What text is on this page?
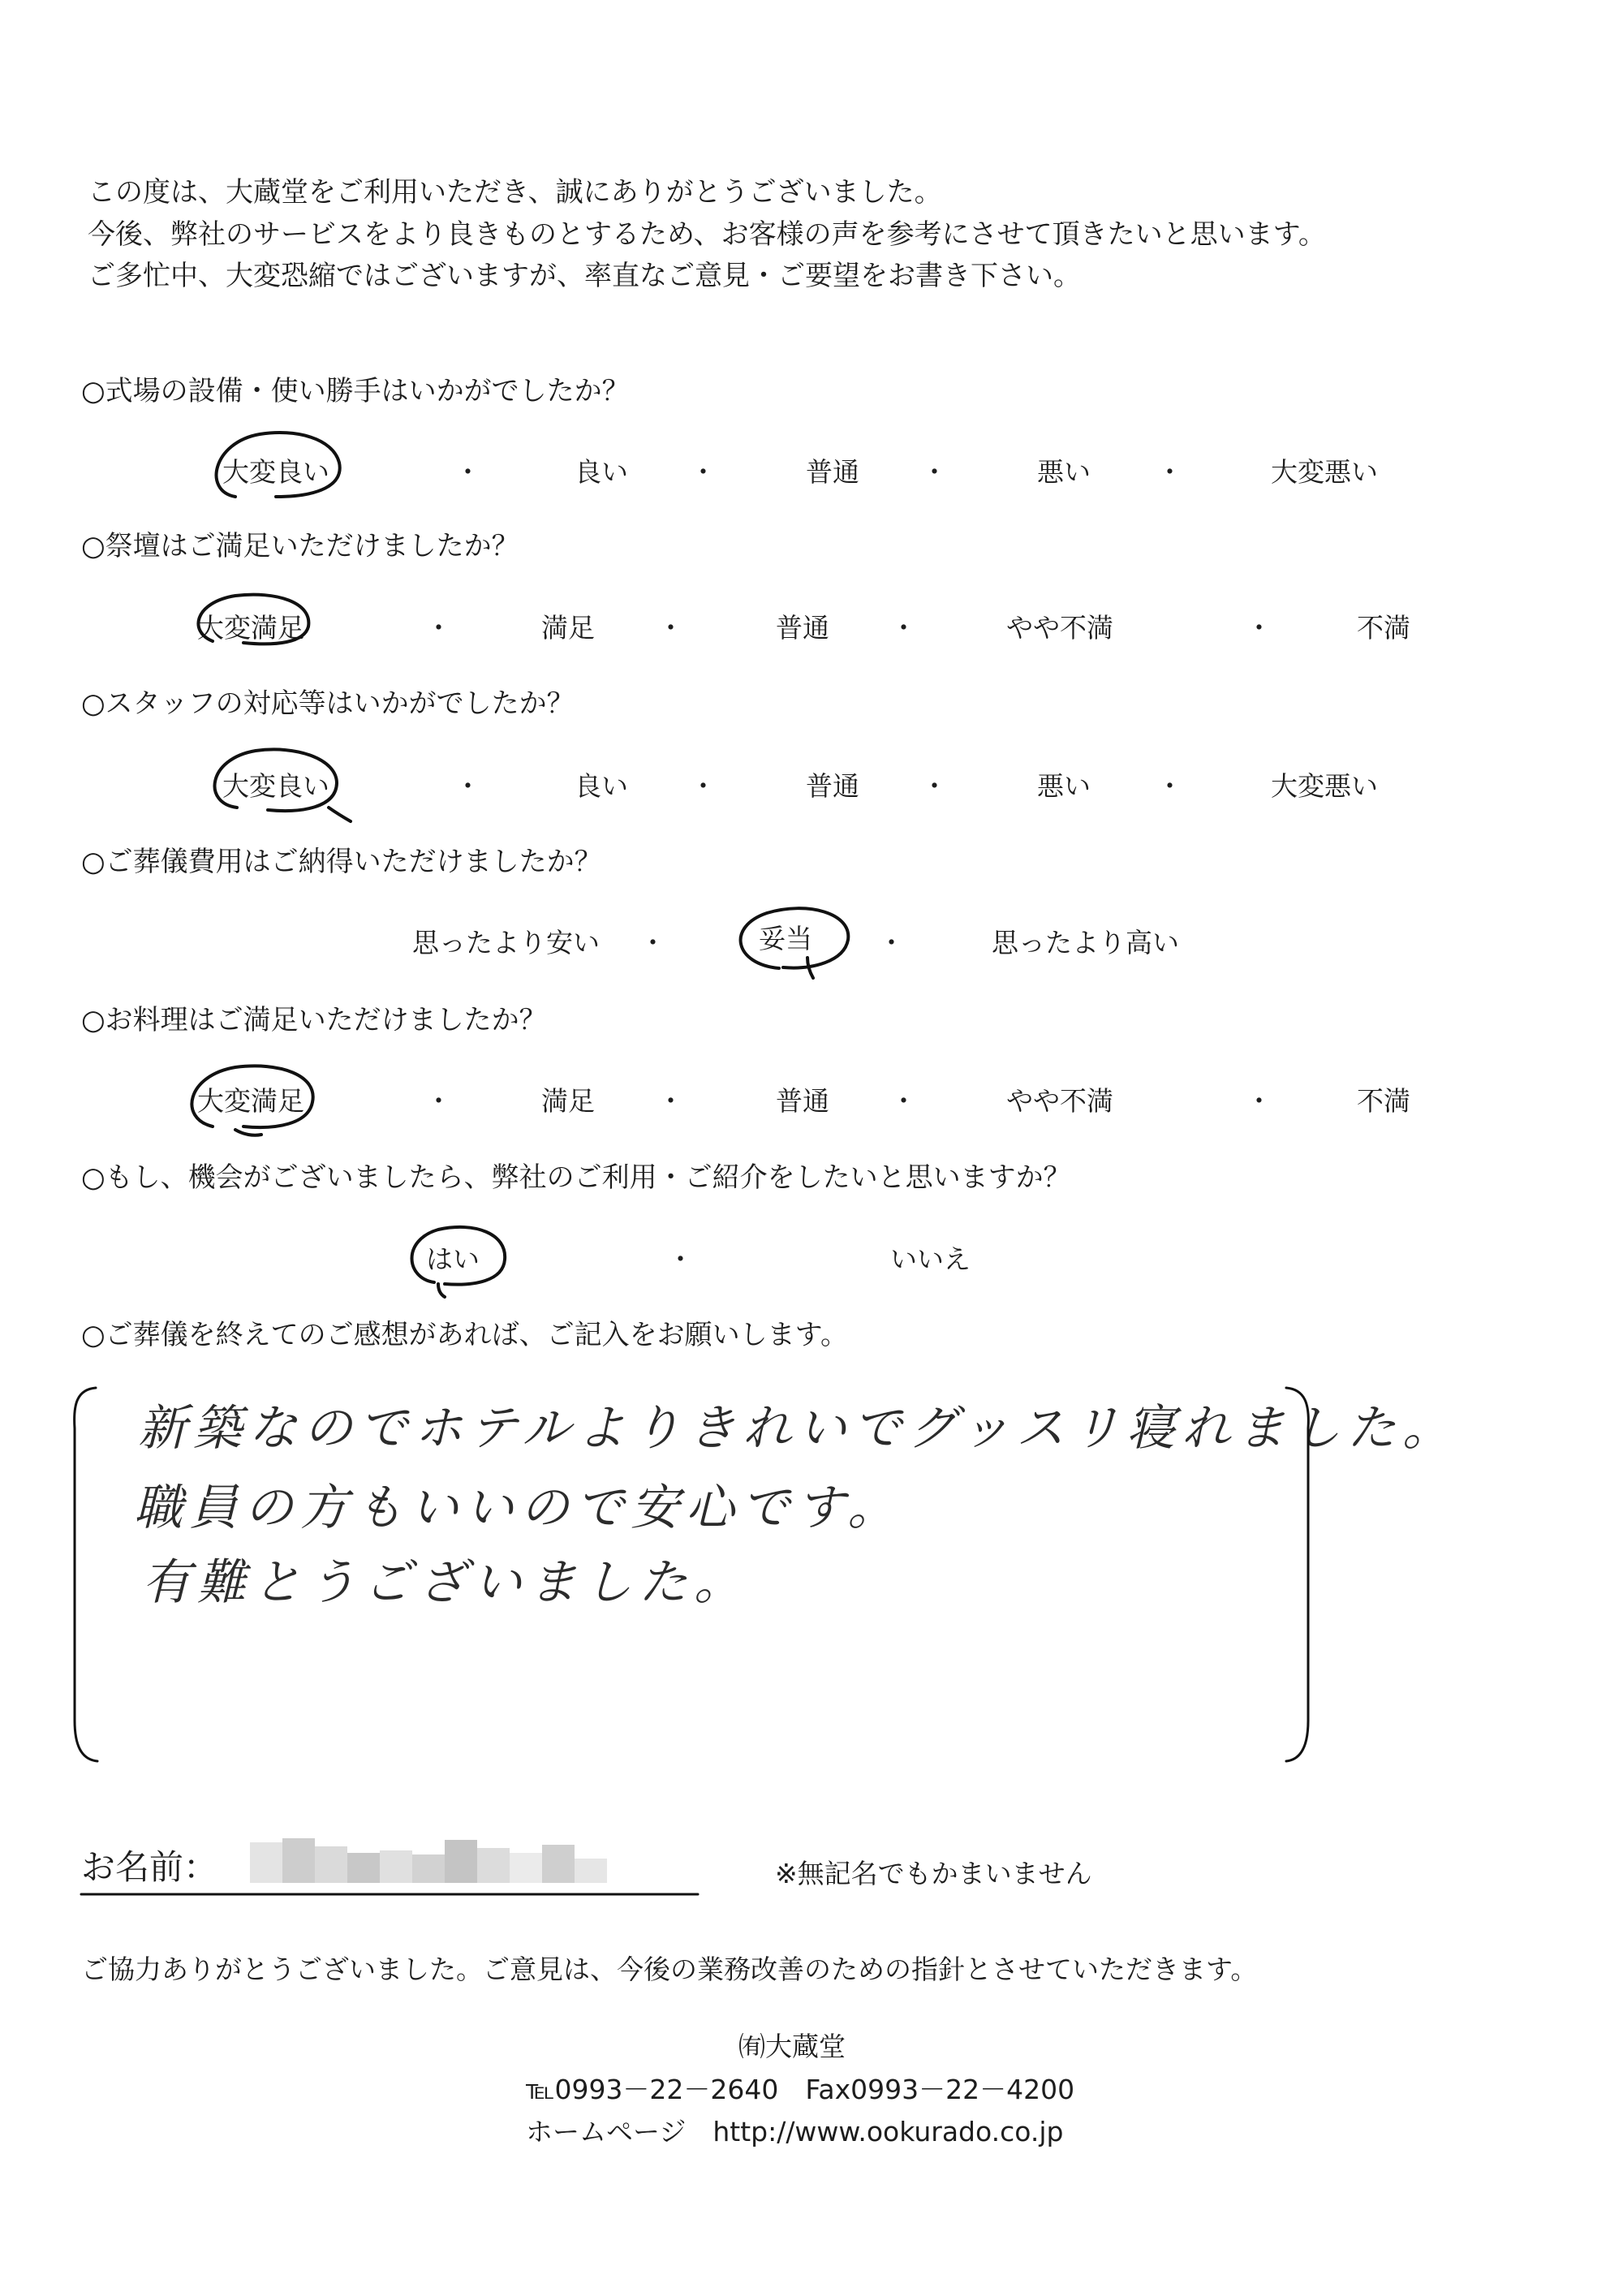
この度は、大蔵堂をご利用いただき、誠にありがとうございました。
今後、弊社のサービスをより良きものとするため、お客様の声を参考にさせて頂きたいと思います。
ご多忙中、大変恐縮ではございますが、率直なご意見・ご要望をお書き下さい。
○式場の設備・使い勝手はいかがでしたか？
大変良い	・	良い ・	普通 ・	悪い ・	大変悪い
○祭壇はご満足いただけましたか？
大変満足	・	満足 ・	普通 ・	やや不満	・	不満
○スタッフの対応等はいかがでしたか？
大変良い	・	良い ・	普通 ・	悪い ・	大変悪い
○ご葬儀費用はご納得いただけましたか？
思ったより安い ・	妥当 ・	思ったより高い
○お料理はご満足いただけましたか？
大変満足	・	満足 ・	普通 ・	やや不満	・	不満
○もし、機会がございましたら、弊社のご利用・ご紹介をしたいと思いますか？
はい	・	いいえ
○ご葬儀を終えてのご感想があれば、ご記入をお願いします。
新築なのでホテルよりきれいでグッスリ寝れました。
職員の方もいいので安心です。
有難とうございました。
お名前：	※無記名でもかまいません
ご協力ありがとうございました。ご意見は、今後の業務改善のための指針とさせていただきます。
㈲大蔵堂
℡0993－22－2640　Fax0993－22－4200
ホームページ　http://www.ookurado.co.jp
